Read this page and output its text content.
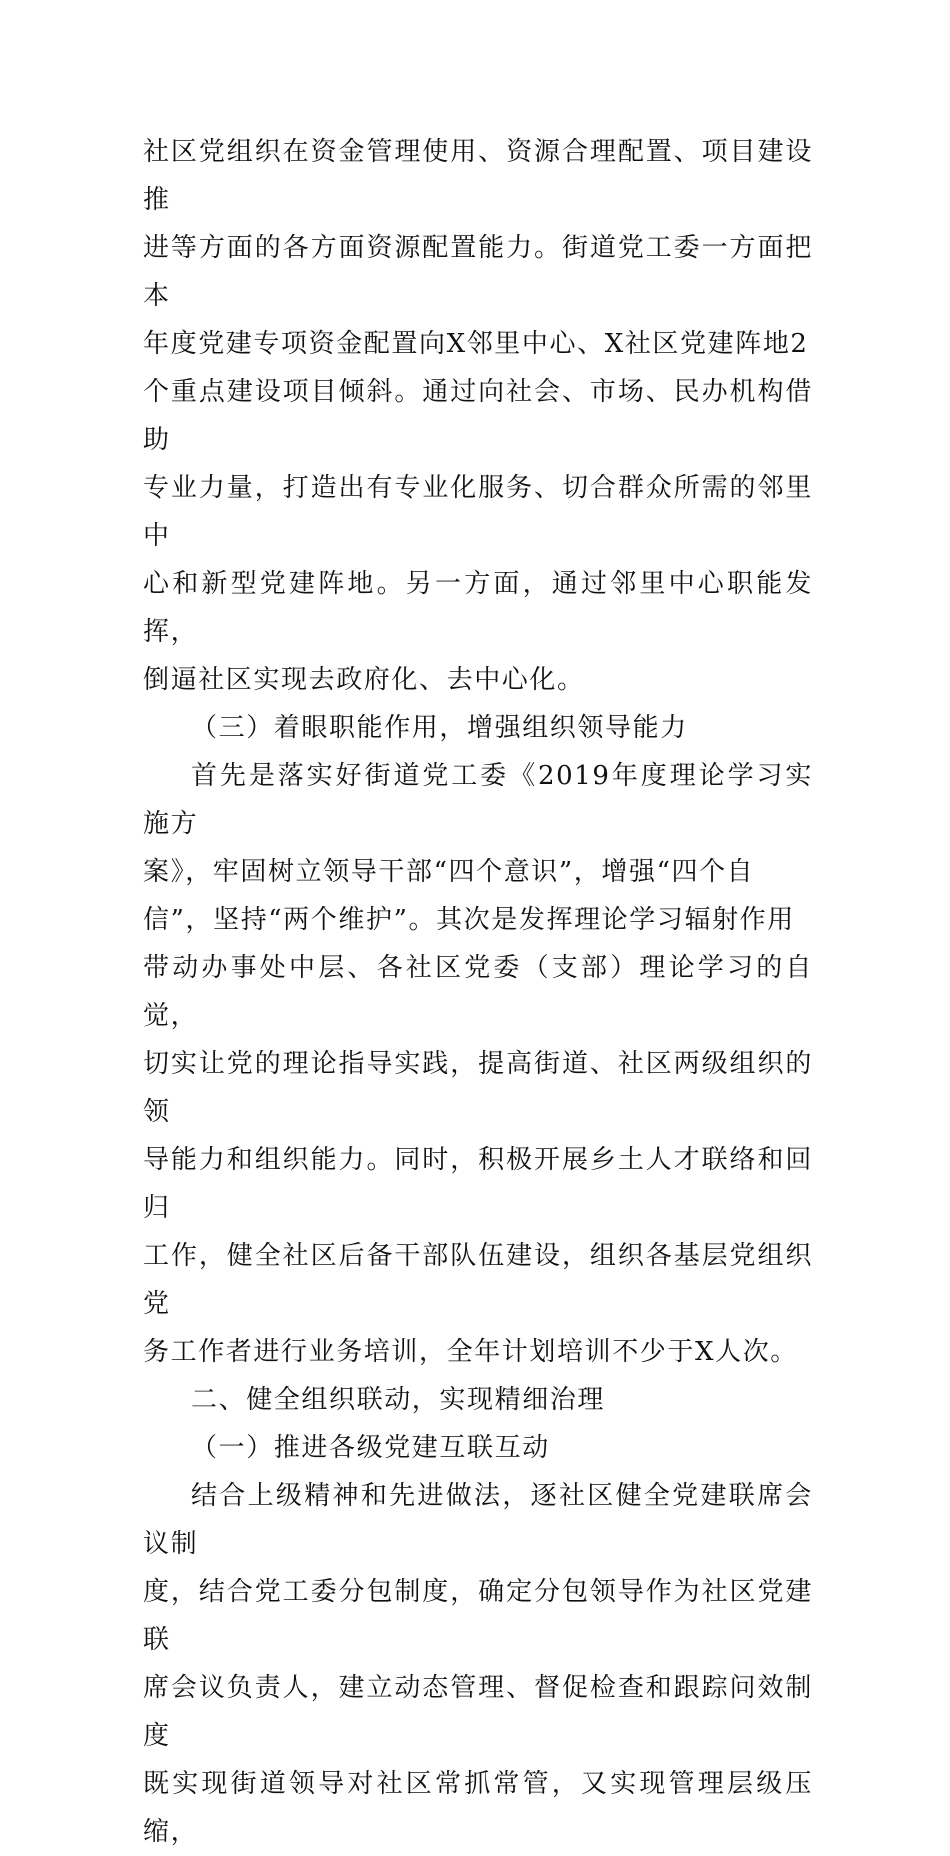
社区党组织在资金管理使用、资源合理配置、项目建设推
进等方面的各方面资源配置能力。街道党工委一方面把本
年度党建专项资金配置向X邻里中心、X社区党建阵地2
个重点建设项目倾斜。通过向社会、市场、民办机构借助
专业力量，打造出有专业化服务、切合群众所需的邻里中
心和新型党建阵地。另一方面，通过邻里中心职能发挥，
倒逼社区实现去政府化、去中心化。

（三）着眼职能作用，增强组织领导能力

首先是落实好街道党工委《2019年度理论学习实施方
案》，牢固树立领导干部“四个意识”，增强“四个自
信”，坚持“两个维护”。其次是发挥理论学习辐射作用
带动办事处中层、各社区党委（支部）理论学习的自觉，
切实让党的理论指导实践，提高街道、社区两级组织的领
导能力和组织能力。同时，积极开展乡土人才联络和回归
工作，健全社区后备干部队伍建设，组织各基层党组织党
务工作者进行业务培训，全年计划培训不少于X人次。

二、健全组织联动，实现精细治理

（一）推进各级党建互联互动

结合上级精神和先进做法，逐社区健全党建联席会议制
度，结合党工委分包制度，确定分包领导作为社区党建联
席会议负责人，建立动态管理、督促检查和跟踪问效制度
既实现街道领导对社区常抓常管，又实现管理层级压缩，
